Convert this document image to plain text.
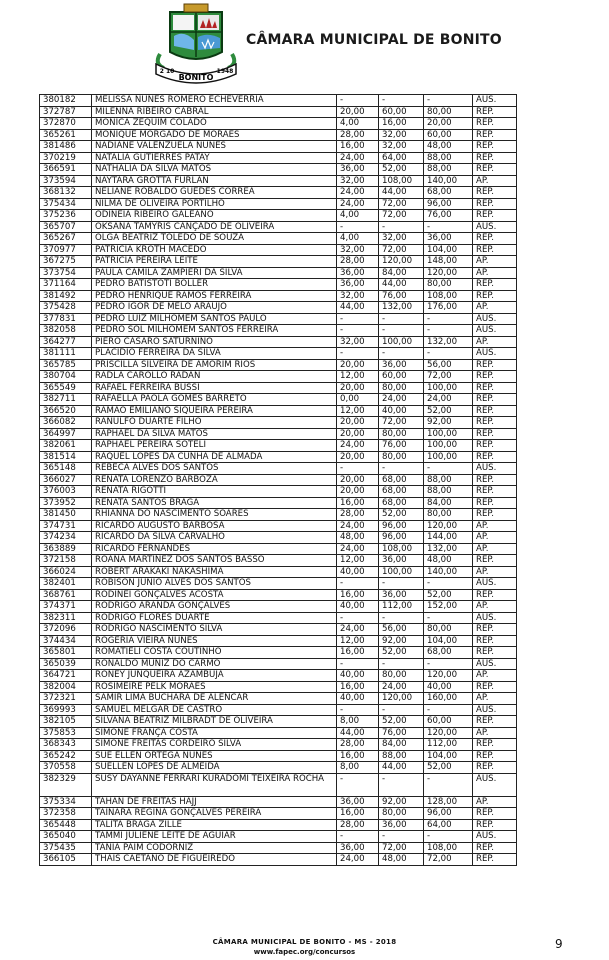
BONITO
2 10	1948
CÂMARA MUNICIPAL DE BONITO
380182	MELISSA NUNES ROMERO ECHEVERRIA	-	-	-	AUS.
372787	MILENNA RIBEIRO CABRAL	20,00	60,00	80,00	REP.
372870	MONICA ZEQUIM COLADO	4,00	16,00	20,00	REP.
365261	MONIQUE MORGADO DE MORAES	28,00	32,00	60,00	REP.
381486	NADIANE VALENZUELA NUNES	16,00	32,00	48,00	REP.
370219	NATÁLIA GUTIERRES PATAY	24,00	64,00	88,00	REP.
366591	NATHALIA DA SILVA MATOS	36,00	52,00	88,00	REP.
373594	NAYTARA GROTTA FURLAN	32,00	108,00	140,00	AP.
368132	NELIANE ROBALDO GUEDES CORREA	24,00	44,00	68,00	REP.
375434	NILMA DE OLIVEIRA PORTILHO	24,00	72,00	96,00	REP.
375236	ODINEIA RIBEIRO GALEANO	4,00	72,00	76,00	REP.
365707	OKSANA TAMYRIS CANÇADO DE OLIVEIRA	-	-	-	AUS.
365267	OLGA BEATRIZ TOLEDO DE SOUZA	4,00	32,00	36,00	REP.
370977	PATRICIA KROTH MACEDO	32,00	72,00	104,00	REP.
367275	PATRICIA PEREIRA LEITE	28,00	120,00	148,00	AP.
373754	PAULA CAMILA ZAMPIERI DA SILVA	36,00	84,00	120,00	AP.
371164	PEDRO BATISTOTI BOLLER	36,00	44,00	80,00	REP.
381492	PEDRO HENRIQUE RAMOS FERREIRA	32,00	76,00	108,00	REP.
375428	PEDRO IGOR DE MELO ARAUJO	44,00	132,00	176,00	AP.
377831	PEDRO LUIZ MILHOMEM SANTOS PAULO	-	-	-	AUS.
382058	PEDRO SOL MILHOMEM SANTOS FERREIRA	-	-	-	AUS.
364277	PIERO CASARO SATURNINO	32,00	100,00	132,00	AP.
381111	PLACIDIO FERREIRA DA SILVA	-	-	-	AUS.
365785	PRISCILLA SILVEIRA DE AMORIM RIOS	20,00	36,00	56,00	REP.
380704	RADLA CAROLLO RADAN	12,00	60,00	72,00	REP.
365549	RAFAEL FERREIRA BUSSI	20,00	80,00	100,00	REP.
382711	RAFAELLA PAOLA GOMES BARRETO	0,00	24,00	24,00	REP.
366520	RAMAO EMILIANO SIQUEIRA PEREIRA	12,00	40,00	52,00	REP.
366082	RANULFO DUARTE FILHO	20,00	72,00	92,00	REP.
364997	RAPHAEL DA SILVA MATOS	20,00	80,00	100,00	REP.
382061	RAPHAEL PEREIRA SOTELI	24,00	76,00	100,00	REP.
381514	RAQUEL LOPES DA CUNHA DE ALMADA	20,00	80,00	100,00	REP.
365148	REBECA ALVES DOS SANTOS	-	-	-	AUS.
366027	RENATA LORENZO BARBOZA	20,00	68,00	88,00	REP.
376003	RENATA RIGOTTI	20,00	68,00	88,00	REP.
373952	RENATA SANTOS BRAGA	16,00	68,00	84,00	REP.
381450	RHIANNA DO NASCIMENTO SOARES	28,00	52,00	80,00	REP.
374731	RICARDO AUGUSTO BARBOSA	24,00	96,00	120,00	AP.
374234	RICARDO DA SILVA CARVALHO	48,00	96,00	144,00	AP.
363889	RICARDO FERNANDES	24,00	108,00	132,00	AP.
372158	ROANA MARTINEZ DOS SANTOS BASSO	12,00	36,00	48,00	REP.
366024	ROBERT ARAKAKI NAKASHIMA	40,00	100,00	140,00	AP.
382401	ROBISON JUNIO ALVES DOS SANTOS	-	-	-	AUS.
368761	RODINEI GONÇALVES ACOSTA	16,00	36,00	52,00	REP.
374371	RODRIGO ARANDA GONÇALVES	40,00	112,00	152,00	AP.
382311	RODRIGO FLORES DUARTE	-	-	-	AUS.
372096	RODRIGO NASCIMENTO SILVA	24,00	56,00	80,00	REP.
374434	ROGERIA VIEIRA NUNES	12,00	92,00	104,00	REP.
365801	ROMATIELI COSTA COUTINHO	16,00	52,00	68,00	REP.
365039	RONALDO MUNIZ DO CARMO	-	-	-	AUS.
364721	RONEY JUNQUEIRA AZAMBUJA	40,00	80,00	120,00	AP.
382004	ROSIMEIRE PELK MORAES	16,00	24,00	40,00	REP.
372321	SAMIR LIMA BUCHARA DE ALENCAR	40,00	120,00	160,00	AP.
369993	SAMUEL MELGAR DE CASTRO	-	-	-	AUS.
382105	SILVANA BEATRIZ MILBRADT DE OLIVEIRA	8,00	52,00	60,00	REP.
375853	SIMONE FRANÇA COSTA	44,00	76,00	120,00	AP.
368343	SIMONE FREITAS CORDEIRO SILVA	28,00	84,00	112,00	REP.
365242	SUE ELLEN ORTEGA NUNES	16,00	88,00	104,00	REP.
370558	SUELLEN LOPES DE ALMEIDA	8,00	44,00	52,00	REP.
382329	SUSY DAYANNE FERRARI KURADOMI TEIXEIRA ROCHA	-	-	-	AUS.
375334	TAHAN DE FREITAS HAJJ	36,00	92,00	128,00	AP.
372358	TAINARA REGINA GONÇALVES PEREIRA	16,00	80,00	96,00	REP.
365448	TALITA BRAGA ZILLE	28,00	36,00	64,00	REP.
365040	TAMMI JULIENE LEITE DE AGUIAR	-	-	-	AUS.
375435	TÂNIA PAIM CODORNIZ	36,00	72,00	108,00	REP.
366105	THAIS CAETANO DE FIGUEIREDO	24,00	48,00	72,00	REP.
CÂMARA MUNICIPAL DE BONITO - MS - 2018
www.fapec.org/concursos
9
